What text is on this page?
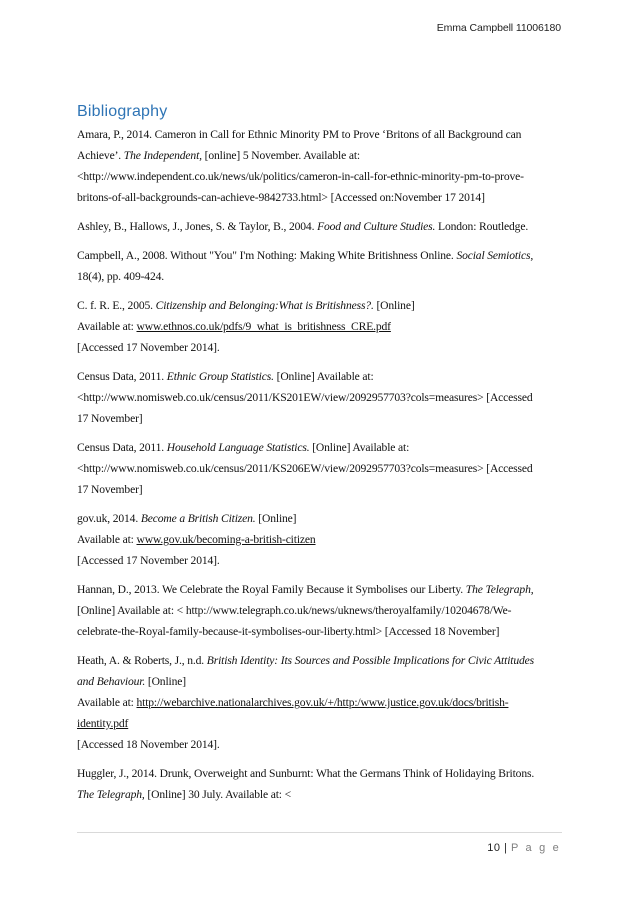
Emma Campbell 11006180
Bibliography
Amara, P., 2014. Cameron in Call for Ethnic Minority PM to Prove ‘Britons of all Background can
Achieve’. The Independent, [online] 5 November. Available at:
<http://www.independent.co.uk/news/uk/politics/cameron-in-call-for-ethnic-minority-pm-to-prove-
britons-of-all-backgrounds-can-achieve-9842733.html> [Accessed on:November 17 2014]
Ashley, B., Hallows, J., Jones, S. & Taylor, B., 2004. Food and Culture Studies. London: Routledge.
Campbell, A., 2008. Without "You" I'm Nothing: Making White Britishness Online. Social Semiotics,
18(4), pp. 409-424.
C. f. R. E., 2005. Citizenship and Belonging:What is Britishness?. [Online]
Available at: www.ethnos.co.uk/pdfs/9_what_is_britishness_CRE.pdf
[Accessed 17 November 2014].
Census Data, 2011. Ethnic Group Statistics. [Online] Available at:
<http://www.nomisweb.co.uk/census/2011/KS201EW/view/2092957703?cols=measures> [Accessed
17 November]
Census Data, 2011. Household Language Statistics. [Online] Available at:
<http://www.nomisweb.co.uk/census/2011/KS206EW/view/2092957703?cols=measures> [Accessed
17 November]
gov.uk, 2014. Become a British Citizen. [Online]
Available at: www.gov.uk/becoming-a-british-citizen
[Accessed 17 November 2014].
Hannan, D., 2013. We Celebrate the Royal Family Because it Symbolises our Liberty. The Telegraph,
[Online] Available at: < http://www.telegraph.co.uk/news/uknews/theroyalfamily/10204678/We-
celebrate-the-Royal-family-because-it-symbolises-our-liberty.html> [Accessed 18 November]
Heath, A. & Roberts, J., n.d. British Identity: Its Sources and Possible Implications for Civic Attitudes
and Behaviour. [Online]
Available at: http://webarchive.nationalarchives.gov.uk/+/http:/www.justice.gov.uk/docs/british-
identity.pdf
[Accessed 18 November 2014].
Huggler, J., 2014. Drunk, Overweight and Sunburnt: What the Germans Think of Holidaying Britons.
The Telegraph, [Online] 30 July. Available at: <
10 | P a g e
